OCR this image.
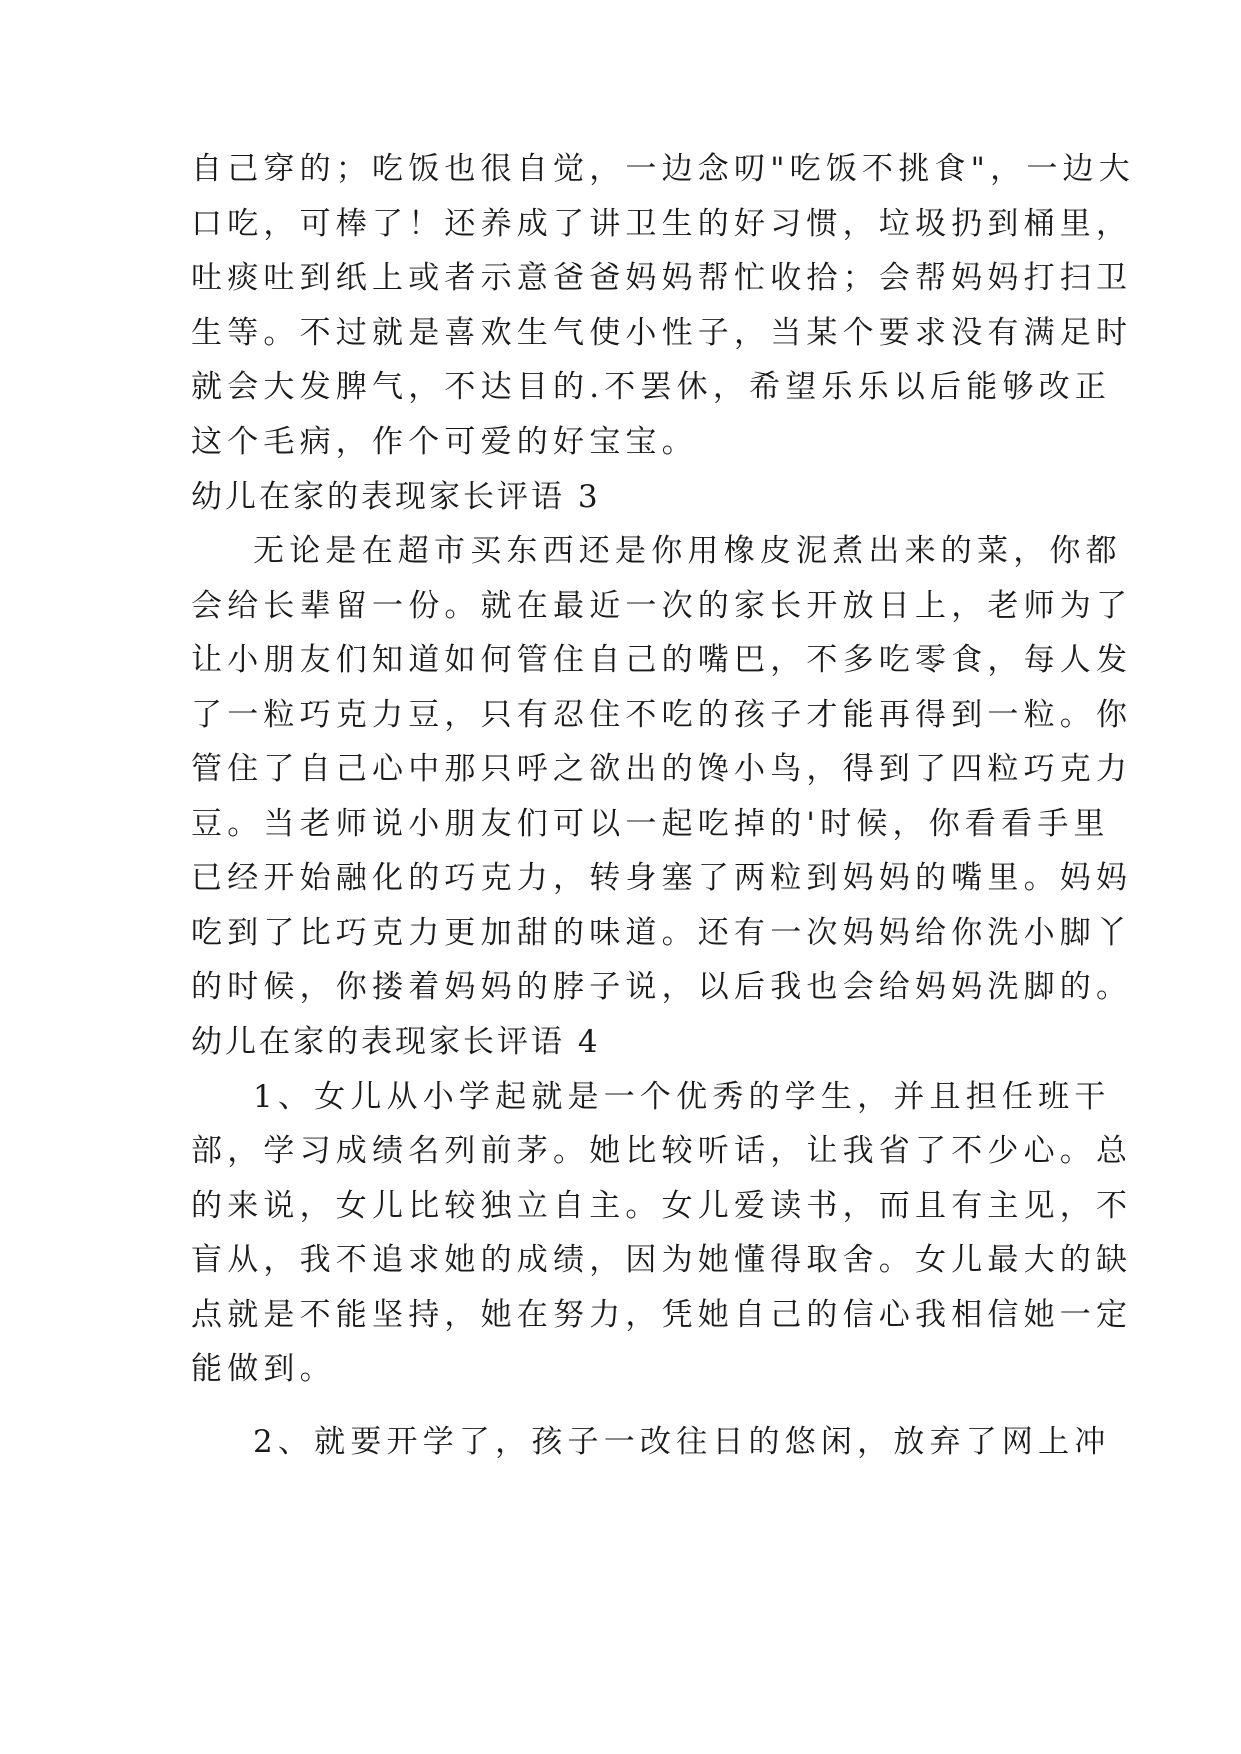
自己穿的；吃饭也很自觉，一边念叨"吃饭不挑食"，一边大
口吃，可棒了！还养成了讲卫生的好习惯，垃圾扔到桶里，
吐痰吐到纸上或者示意爸爸妈妈帮忙收拾；会帮妈妈打扫卫
生等。不过就是喜欢生气使小性子，当某个要求没有满足时
就会大发脾气，不达目的.不罢休，希望乐乐以后能够改正
这个毛病，作个可爱的好宝宝。
幼儿在家的表现家长评语 3
无论是在超市买东西还是你用橡皮泥煮出来的菜，你都
会给长辈留一份。就在最近一次的家长开放日上，老师为了
让小朋友们知道如何管住自己的嘴巴，不多吃零食，每人发
了一粒巧克力豆，只有忍住不吃的孩子才能再得到一粒。你
管住了自己心中那只呼之欲出的馋小鸟，得到了四粒巧克力
豆。当老师说小朋友们可以一起吃掉的'时候，你看看手里
已经开始融化的巧克力，转身塞了两粒到妈妈的嘴里。妈妈
吃到了比巧克力更加甜的味道。还有一次妈妈给你洗小脚丫
的时候，你搂着妈妈的脖子说，以后我也会给妈妈洗脚的。
幼儿在家的表现家长评语 4
1、女儿从小学起就是一个优秀的学生，并且担任班干
部，学习成绩名列前茅。她比较听话，让我省了不少心。总
的来说，女儿比较独立自主。女儿爱读书，而且有主见，不
盲从，我不追求她的成绩，因为她懂得取舍。女儿最大的缺
点就是不能坚持，她在努力，凭她自己的信心我相信她一定
能做到。
2、就要开学了，孩子一改往日的悠闲，放弃了网上冲
